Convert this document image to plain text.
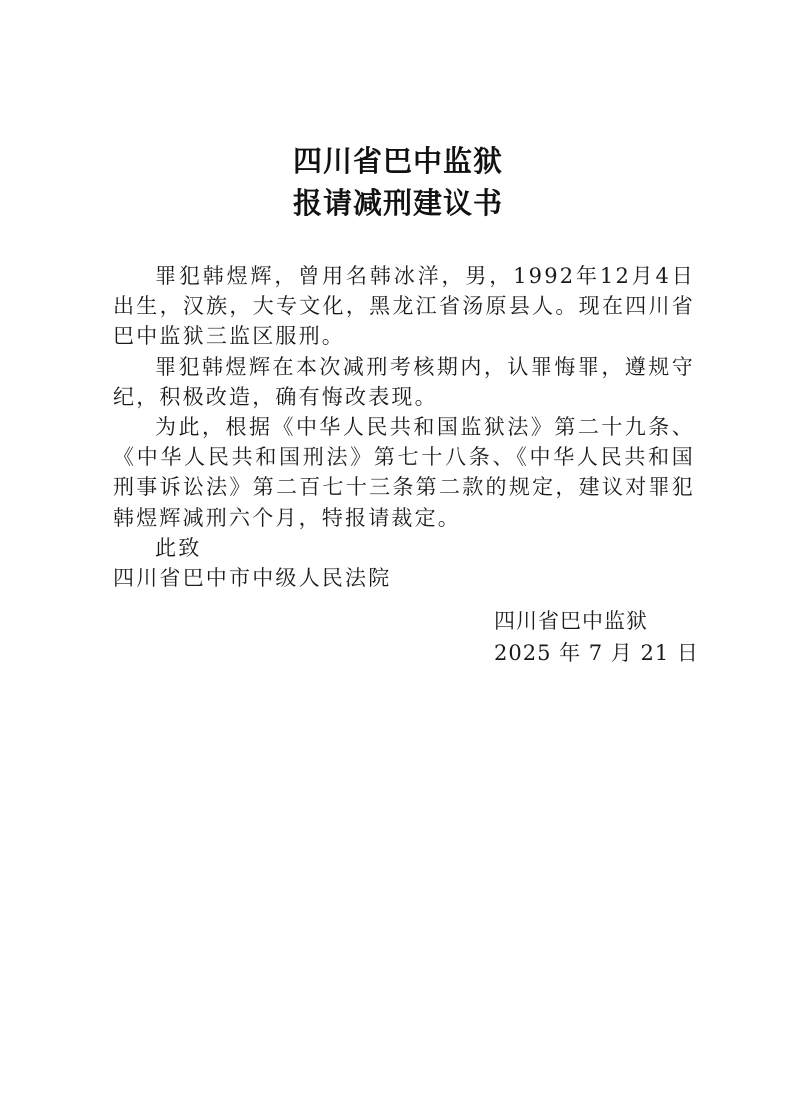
四川省巴中监狱
报请减刑建议书

罪犯韩煜辉，曾用名韩冰洋，男，1992年12月4日出生，汉族，大专文化，黑龙江省汤原县人。现在四川省巴中监狱三监区服刑。

罪犯韩煜辉在本次减刑考核期内，认罪悔罪，遵规守纪，积极改造，确有悔改表现。

为此，根据《中华人民共和国监狱法》第二十九条、《中华人民共和国刑法》第七十八条、《中华人民共和国刑事诉讼法》第二百七十三条第二款的规定，建议对罪犯韩煜辉减刑六个月，特报请裁定。

此致

四川省巴中市中级人民法院

四川省巴中监狱
2025 年 7 月 21 日
